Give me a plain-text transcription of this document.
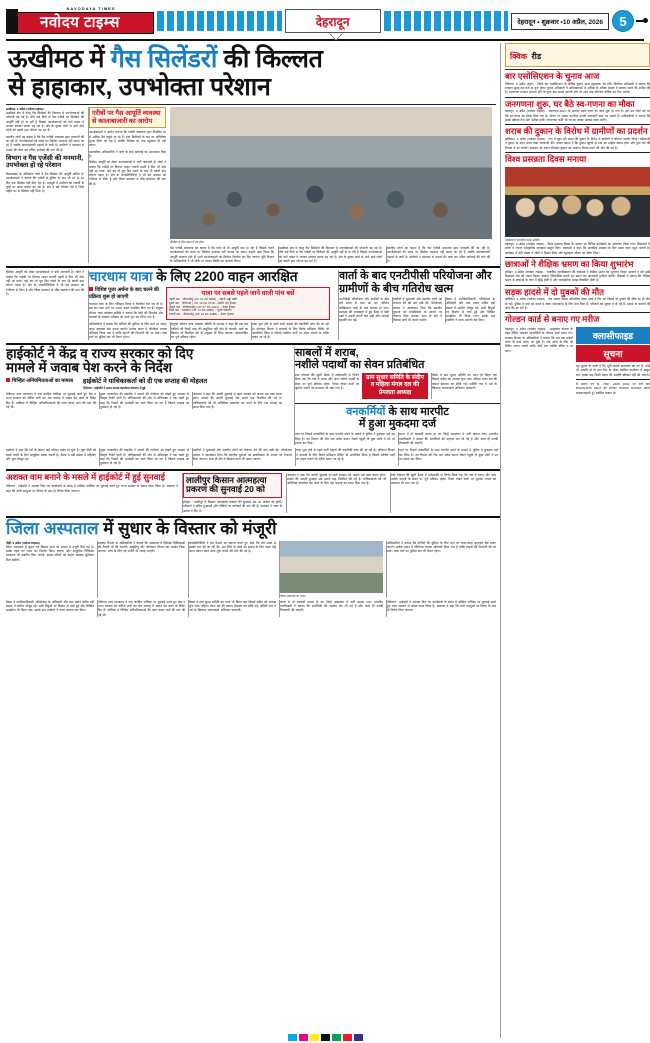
NAVODAYA TIMES
नवोदय टाइम्स	देहरादून	देहरादून • शुक्रवार •10 अप्रैल, 2026	5
ऊखीमठ में गैस सिलेंडरों की किल्लत
से हाहाकार, उपभोक्ता परेशान
ऊखीमठ, 9 अप्रैल (नवोदय टाइम्स)।
ऊखीमठ क्षेत्र में घरेलू गैस सिलेंडरों की किल्लत से उपभोक्ताओं की परेशानी बढ़ गई है। बीते कई दिनों से गैस एजेंसी पर सिलेंडरों की आपूर्ति नहीं हो पा रही है जिससे उपभोक्ताओं को घंटों लाइन में लगकर इंतजार करना पड़ रहा है। क्षेत्र के दूरस्थ गांवों से आने वाले लोगों को खाली हाथ लौटना पड़ रहा है।
स्थानीय लोगों का कहना है कि गैस एजेंसी संचालक द्वारा मनमानी की जा रही है। उपभोक्ताओं को समय पर सिलेंडर उपलब्ध नहीं कराए जा रहे हैं जबकि कालाबाजारी धड़ल्ले से जारी है। ग्रामीणों ने प्रशासन से मामले की जांच कर उचित कार्रवाई की मांग की है।
विभाग व गैस एजेंसी की मनमानी, उपभोक्ता हो रहे परेशान
विकासखंड के अधिकांश गांवों में गैस सिलेंडर की आपूर्ति बाधित है। उपभोक्ताओं ने बताया कि एजेंसी से बुकिंग के बाद भी 15 से 20 दिन तक सिलेंडर नहीं मिल रहा है। मजबूरी में ग्रामीणों को लकड़ी के चूल्हे पर खाना बनाना पड़ रहा है। क्षेत्र में कई परिवार ऐसे हैं जिन्हें महीने भर से सिलेंडर नहीं मिला है।
गरीबों पर गैस आपूर्ति व्यवस्था से कालाबाजारी का आरोप
उपभोक्ताओं ने आरोप लगाया कि एजेंसी संचालक द्वारा निर्धारित दर से अधिक पैसे वसूले जा रहे हैं। होम डिलीवरी के नाम पर अतिरिक्त शुल्क लिया जा रहा है जबकि सिलेंडर घर तक पहुंचाया ही नहीं जाता।
प्रशासनिक अधिकारियों ने जांच के बाद कार्रवाई का आश्वासन दिया है।
सिलेंडर आपूर्ति को लेकर उपभोक्ताओं में भारी नाराजगी है। लोगों ने बताया कि एजेंसी पर दिनभर लाइन लगानी पड़ती है फिर भी नंबर नहीं आ पाता। कई बार तो पूरा दिन गंवाने के बाद भी खाली हाथ लौटना पड़ता है। क्षेत्र के जनप्रतिनिधियों ने भी इस समस्या को गंभीरता से लिया है और जिला प्रशासन से शीघ्र समाधान की मांग की है।
सिलेंडर के लिए लाइन में लगे लोग।
गैस एजेंसी संचालक का कहना है कि प्लांट से ही आपूर्ति कम हो रही है जिसके चलते उपभोक्ताओं को समय पर सिलेंडर उपलब्ध नहीं कराया जा सका। उन्होंने दावा किया कि आपूर्ति सामान्य होते ही सभी उपभोक्ताओं को सिलेंडर वितरित कर दिए जाएंगे। पूर्ति विभाग के अधिकारियों ने भी मौके पर जाकर स्थिति का जायजा लिया।
ऊखीमठ क्षेत्र में घरेलू गैस सिलेंडरों की किल्लत से उपभोक्ताओं की परेशानी बढ़ गई है। बीते कई दिनों से गैस एजेंसी पर सिलेंडरों की आपूर्ति नहीं हो पा रही है जिससे उपभोक्ताओं को घंटों लाइन में लगकर इंतजार करना पड़ रहा है। क्षेत्र के दूरस्थ गांवों से आने वाले लोगों को खाली हाथ लौटना पड़ रहा है।
स्थानीय लोगों का कहना है कि गैस एजेंसी संचालक द्वारा मनमानी की जा रही है। उपभोक्ताओं को समय पर सिलेंडर उपलब्ध नहीं कराए जा रहे हैं जबकि कालाबाजारी धड़ल्ले से जारी है। ग्रामीणों ने प्रशासन से मामले की जांच कर उचित कार्रवाई की मांग की है।
सिलेंडर आपूर्ति को लेकर उपभोक्ताओं में भारी नाराजगी है। लोगों ने बताया कि एजेंसी पर दिनभर लाइन लगानी पड़ती है फिर भी नंबर नहीं आ पाता। कई बार तो पूरा दिन गंवाने के बाद भी खाली हाथ लौटना पड़ता है। क्षेत्र के जनप्रतिनिधियों ने भी इस समस्या को गंभीरता से लिया है और जिला प्रशासन से शीघ्र समाधान की मांग की है।
चारधाम यात्रा के लिए 2200 वाहन आरक्षित
विशिष्ट पूजा अर्चना के बाद चलने की प्रक्रिया शुरू हो जाएगी
चारधाम यात्रा के लिए परिवहन निगम ने तैयारियां तेज कर दी हैं। इस बार यात्रा मार्ग पर 2200 वाहन आरक्षित किए गए हैं। संयुक्त रोटेशन यात्रा व्यवस्था समिति ने बताया कि बसों की फिटनेस और चालकों के स्वास्थ्य परीक्षण का कार्य पूरा कर लिया गया है।
यात्रा पर सबसे पहले जाने वाली पांच बसें
पहली बस : जीएमओयू (UK 07 PA 8382) – खापी अड्डा खन्नी
दूसरी बस : जीएमओ ( UK 16 PA 0712) –स्वामी नंदा ट्रैवल्स
तीसरी बस : टीजीएमओयू (UK 07 PA 2213) – मैक्स ट्रैवल्स
चौथी बस : रुद्रप्रयाग (UK 13 PA 0880) – मुख्य संचालन
पांचवीं बस : जीएमओयू (UK 16 PA 4488) – केदार ट्रैवल्स
अधिकारियों ने बताया कि यात्रियों की सुविधा के लिए मार्ग पर जगह-जगह सहायता केंद्र बनाए जाएंगे। प्रत्येक वाहन में जीपीएस लगाना अनिवार्य किया गया है ताकि वाहनों की निगरानी की जा सके। यात्रा मार्ग पर पुलिस बल भी तैनात रहेगा।
संयुक्त रोटेशन यात्रा व्यवस्था समिति के अध्यक्ष ने कहा कि इस बार यात्रियों को किसी तरह की असुविधा नहीं होने दी जाएगी। बसों का किराया भी निर्धारित दरों के अनुसार ही लिया जाएगा। ओवरलोडिंग पर पूर्ण प्रतिबंध रहेगा।
यात्रा शुरू होने से पहले सभी वाहनों की तकनीकी जांच की जा रही है। परिवहन विभाग ने चालकों के लिए विशेष प्रशिक्षण शिविर भी आयोजित किया है जिसमें पर्वतीय मार्गों पर वाहन चलाने के तरीके बताए जा रहे हैं।
वार्ता के बाद एनटीपीसी परियोजना और ग्रामीणों के बीच गतिरोध खत्म
एनटीपीसी परियोजना और ग्रामीणों के बीच लंबे समय से चला आ रहा गतिरोध आखिरकार वार्ता के बाद समाप्त हो गया। प्रशासन की मध्यस्थता में हुई बैठक में दोनों पक्षों ने अपनी-अपनी बात रखी और आपसी सहमति बन गई।
ग्रामीणों ने मुआवजे और स्थानीय लोगों को रोजगार देने की मांग रखी थी। परियोजना प्रबंधन ने आश्वासन दिया कि स्थानीय युवाओं को प्राथमिकता के आधार पर रोजगार दिया जाएगा। साथ ही क्षेत्र में विकास कार्य भी कराए जाएंगे।
बैठक में उपजिलाधिकारी, परियोजना के अधिकारी और ग्राम प्रधान सहित बड़ी संख्या में ग्रामीण मौजूद रहे। सभी बिंदुओं पर विस्तार से चर्चा हुई और लिखित समझौता भी किया गया। इसके बाद ग्रामीणों ने धरना समाप्त कर दिया।
हाईकोर्ट ने केंद्र व राज्य सरकार को दिए
मामले में जवाब पेश करने के निर्देश
चिन्हित अनियमितताओं का मामला	हाईकोर्ट ने याचिकाकर्ता को दी एक सप्ताह की मोहलत
नैनीताल : हाईकोर्ट ने उठाए अन्यत्र कार्यालय संचालन में हुई
नैनीताल उच्च न्यायालय ने एक जनहित याचिका पर सुनवाई करते हुए केंद्र व राज्य सरकार को नोटिस जारी कर चार सप्ताह में जवाब पेश करने के निर्देश दिए हैं। याचिका में चिन्हित अनियमितताओं की जांच कराए जाने की मांग की गई थी।
मुख्य न्यायाधीश की खंडपीठ ने मामले की गंभीरता को देखते हुए सरकार से विस्तृत रिपोर्ट मांगी है। याचिकाकर्ता की ओर से अधिवक्ता ने पक्ष रखते हुए कहा कि नियमों की अनदेखी कर कार्य किया जा रहा है जिससे राजस्व का नुकसान हो रहा है।
अदालत ने कहा कि अगली सुनवाई से पहले सरकार को अपना पक्ष स्पष्ट करना होगा। मामले की अगली सुनवाई अब अगले माह निर्धारित की गई है। याचिकाकर्ता को भी अतिरिक्त दस्तावेज पेश करने के लिए एक सप्ताह का समय दिया गया है।
साबलों में शराब,
नशीले पदार्थों का सेवन प्रतिबंधित
ग्राम पंचायत की खुली बैठक में सर्वसम्मति से निर्णय लिया गया कि गांव में शराब और अन्य नशीले पदार्थों के सेवन पर पूर्ण प्रतिबंध रहेगा। नियम तोड़ने वालों पर जुर्माना लगाने का प्रावधान भी रखा गया है।
ग्राम सुधार समिति के संदीप व महिला मंगल दल की प्रेमलता अध्यक्ष
बैठक में ग्राम सुधार समिति का गठन भी किया गया जिसमें संदीप को अध्यक्ष चुना गया। महिला मंगल दल की कमान प्रेमलता को सौंपी गई। समिति गांव में नशे के खिलाफ जागरूकता अभियान चलाएगी।
वनकर्मियों के साथ मारपीट
में हुआ मुकदमा दर्ज
गश्त पर निकले वनकर्मियों के साथ मारपीट करने के मामले में पुलिस ने मुकदमा दर्ज कर लिया है। वन विभाग की टीम जब अवैध कटान रोकने पहुंची तो कुछ लोगों ने उन पर हमला कर दिया।
घटना में दो वनकर्मी घायल हो गए जिन्हें अस्पताल में भर्ती कराया गया। प्रभागीय वनाधिकारी ने बताया कि आरोपियों की पहचान कर ली गई है और जल्द ही उनकी गिरफ्तारी की जाएगी।
ग्रामीणों ने कहा कि नशे के कारण कई परिवार बर्बाद हो चुके हैं। युवा पीढ़ी को इससे बचाने के लिए सामूहिक प्रयास जरूरी है। बैठक में बड़ी संख्या में महिलाएं और युवा मौजूद रहे।
मुख्य न्यायाधीश की खंडपीठ ने मामले की गंभीरता को देखते हुए सरकार से विस्तृत रिपोर्ट मांगी है। याचिकाकर्ता की ओर से अधिवक्ता ने पक्ष रखते हुए कहा कि नियमों की अनदेखी कर कार्य किया जा रहा है जिससे राजस्व का नुकसान हो रहा है।
ग्रामीणों ने मुआवजे और स्थानीय लोगों को रोजगार देने की मांग रखी थी। परियोजना प्रबंधन ने आश्वासन दिया कि स्थानीय युवाओं को प्राथमिकता के आधार पर रोजगार दिया जाएगा। साथ ही क्षेत्र में विकास कार्य भी कराए जाएंगे।
यात्रा शुरू होने से पहले सभी वाहनों की तकनीकी जांच की जा रही है। परिवहन विभाग ने चालकों के लिए विशेष प्रशिक्षण शिविर भी आयोजित किया है जिसमें पर्वतीय मार्गों पर वाहन चलाने के तरीके बताए जा रहे हैं।
गश्त पर निकले वनकर्मियों के साथ मारपीट करने के मामले में पुलिस ने मुकदमा दर्ज कर लिया है। वन विभाग की टीम जब अवैध कटान रोकने पहुंची तो कुछ लोगों ने उन पर हमला कर दिया।
अशक्त वाम बनाने के मसले में हाईकोर्ट में हुई सुनवाई
नैनीताल : हाईकोर्ट ने अशक्त किए गए कार्यालयों के संबंध में दाखिल याचिका पर सुनवाई करते हुए राज्य सरकार से जवाब तलब किया है। अदालत ने कहा कि सभी पहलुओं पर विचार के बाद ही निर्णय लिया जाएगा।
लालीपुर किसान आत्महत्या
प्रकरण की सुनवाई 20 को
हरिद्वार : लालीपुर में किसान आत्महत्या प्रकरण की सुनवाई अब 20 तारीख को होगी। परिजनों ने उचित मुआवजे और दोषियों पर कार्रवाई की मांग की है। प्रशासन ने जांच के आदेश दे दिए हैं।
अदालत ने कहा कि अगली सुनवाई से पहले सरकार को अपना पक्ष स्पष्ट करना होगा। मामले की अगली सुनवाई अब अगले माह निर्धारित की गई है। याचिकाकर्ता को भी अतिरिक्त दस्तावेज पेश करने के लिए एक सप्ताह का समय दिया गया है।
ग्राम पंचायत की खुली बैठक में सर्वसम्मति से निर्णय लिया गया कि गांव में शराब और अन्य नशीले पदार्थों के सेवन पर पूर्ण प्रतिबंध रहेगा। नियम तोड़ने वालों पर जुर्माना लगाने का प्रावधान भी रखा गया है।
जिला अस्पताल में सुधार के विस्तार को मंजूरी
पौड़ी, 9 अप्रैल (नवोदय टाइम्स)।
जिला अस्पताल में सुधार एवं विस्तार कार्य को शासन से मंजूरी मिल गई है। इसके तहत नए भवन का निर्माण किया जाएगा और आधुनिक चिकित्सा उपकरण भी स्थापित किए जाएंगे। इससे मरीजों को बेहतर स्वास्थ्य सुविधाएं मिल सकेंगी।
स्वास्थ्य विभाग के अधिकारियों ने बताया कि अस्पताल में विशेषज्ञ चिकित्सकों की तैनाती भी की जाएगी। आईसीयू और ऑपरेशन थिएटर को अपग्रेड किया जाएगा। जांच के लिए नई मशीनें भी लगाई जाएंगी।
जनप्रतिनिधियों ने इस फैसले का स्वागत करते हुए कहा कि लंबे समय से इसकी मांग की जा रही थी। अब जिले के लोगों को इलाज के लिए बाहर नहीं जाना पड़ेगा। कार्य जल्द शुरू कराने की मांग की गई है।
जिला अस्पताल का भवन।
अधिकारियों ने बताया कि यात्रियों की सुविधा के लिए मार्ग पर जगह-जगह सहायता केंद्र बनाए जाएंगे। प्रत्येक वाहन में जीपीएस लगाना अनिवार्य किया गया है ताकि वाहनों की निगरानी की जा सके। यात्रा मार्ग पर पुलिस बल भी तैनात रहेगा।
बैठक में उपजिलाधिकारी, परियोजना के अधिकारी और ग्राम प्रधान सहित बड़ी संख्या में ग्रामीण मौजूद रहे। सभी बिंदुओं पर विस्तार से चर्चा हुई और लिखित समझौता भी किया गया। इसके बाद ग्रामीणों ने धरना समाप्त कर दिया।
नैनीताल उच्च न्यायालय ने एक जनहित याचिका पर सुनवाई करते हुए केंद्र व राज्य सरकार को नोटिस जारी कर चार सप्ताह में जवाब पेश करने के निर्देश दिए हैं। याचिका में चिन्हित अनियमितताओं की जांच कराए जाने की मांग की गई थी।
बैठक में ग्राम सुधार समिति का गठन भी किया गया जिसमें संदीप को अध्यक्ष चुना गया। महिला मंगल दल की कमान प्रेमलता को सौंपी गई। समिति गांव में नशे के खिलाफ जागरूकता अभियान चलाएगी।
घटना में दो वनकर्मी घायल हो गए जिन्हें अस्पताल में भर्ती कराया गया। प्रभागीय वनाधिकारी ने बताया कि आरोपियों की पहचान कर ली गई है और जल्द ही उनकी गिरफ्तारी की जाएगी।
नैनीताल : हाईकोर्ट ने अशक्त किए गए कार्यालयों के संबंध में दाखिल याचिका पर सुनवाई करते हुए राज्य सरकार से जवाब तलब किया है। अदालत ने कहा कि सभी पहलुओं पर विचार के बाद ही निर्णय लिया जाएगा।
क्विक रीड
बार एसोसिएशन के चुनाव आज
नैनीताल, 9 अप्रैल (ब्यूरो) : जिला बार एसोसिएशन के वार्षिक चुनाव आज (शुक्रवार) को होंगे। निर्वाचन अधिकारी ने बताया कि मतदान सुबह दस बजे से शुरू होगा। चुनाव अधिकारी ने अधिवक्ताओं से अधिक से अधिक संख्या में मतदान करने की अपील की है। मतगणना मतदान समाप्त होने के तुरंत बाद कराई जाएगी और देर शाम तक परिणाम घोषित कर दिए जाएंगे।
जनगणना शुरू, घर बैठे स्व-गणना का मौका
देहरादून, 9 अप्रैल (नवोदय टाइम्स) : जनगणना-2027 के अंतर्गत पहले चरण का कार्य शुरू हो गया है। इस बार लोगों को घर बैठे स्व-गणना का मौका दिया गया है। पोर्टल पर जाकर नागरिक अपनी जानकारी स्वयं भर सकते हैं। अधिकारियों ने बताया कि इससे प्रक्रिया तेज और सटीक होगी। जनगणना कर्मी भी घर-घर जाकर आंकड़े एकत्र करेंगे।
शराब की दुकान के विरोध में ग्रामीणों का प्रदर्शन
ऋषिकेश, 9 अप्रैल (नवोदय टाइम्स) : गांव में खुल रही शराब की दुकान के विरोध में ग्रामीणों ने जोरदार प्रदर्शन किया। महिलाओं ने दुकान के बाहर धरना देकर नारेबाजी की। उनका कहना है कि दुकान खुलने से गांव का माहौल खराब होगा और युवा नशे की गिरफ्त में आ जाएंगे। प्रशासन को ज्ञापन सौंपकर दुकान का आवंटन निरस्त करने की मांग की गई है।
विश्व प्रसन्नता दिवस मनाया
कार्यक्रम में सम्मानित करते अतिथि।
देहरादून, 9 अप्रैल (नवोदय टाइम्स) : विश्व प्रसन्नता दिवस के अवसर पर विभिन्न कार्यक्रमों का आयोजन किया गया। विद्यालयों में बच्चों ने रंगारंग सांस्कृतिक कार्यक्रम प्रस्तुत किए। वक्ताओं ने कहा कि मानसिक स्वास्थ्य के लिए प्रसन्न रहना बहुत जरूरी है। कार्यक्रम में बड़ी संख्या में लोगों ने हिस्सा लिया और खुशहाल जीवन का संदेश दिया।
छात्राओं ने शैक्षिक भ्रमण का किया शुभारंभ
हरिद्वार, 9 अप्रैल (नवोदय टाइम्स) : राजकीय महाविद्यालय की छात्राओं ने शैक्षिक भ्रमण का शुभारंभ किया। प्राचार्य ने हरी झंडी दिखाकर बस को रवाना किया। छात्राएं ऐतिहासिक स्थलों का भ्रमण कर जानकारी हासिल करेंगी। शिक्षकों ने बताया कि शैक्षिक भ्रमण से छात्राओं के ज्ञान में वृद्धि होती है और व्यावहारिक समझ विकसित होती है।
सड़क हादसे में दो युवकों की मौत
ऋषिकेश, 9 अप्रैल (नवोदय टाइम्स) : तेज रफ्तार बाइक अनियंत्रित होकर खाई में गिर गई जिससे दो युवकों की मौके पर ही मौत हो गई। पुलिस ने शवों को कब्जे में लेकर पोस्टमार्टम के लिए भेज दिया है। परिजनों को सूचना दे दी गई है। हादसे के कारणों की जांच की जा रही है।
गोल्डन कार्ड से बनाए गए मरीज
देहरादून, 9 अप्रैल (नवोदय टाइम्स) : आयुष्मान योजना के तहत शिविर लगाकर लाभार्थियों के गोल्डन कार्ड बनाए गए। स्वास्थ्य विभाग के अधिकारियों ने बताया कि अब तक हजारों लोगों के कार्ड बनाए जा चुके हैं। शेष लोगों के लिए भी शिविर लगाए जाएंगे ताकि कोई पात्र व्यक्ति वंचित न रह जाए।
क्लासीफाइड
सूचना
यह सूचना दी जाती है कि भूमि संबंधी कागजात खो गए हैं। कोई भी आपत्ति हो तो सात दिन के भीतर संबंधित कार्यालय में प्रस्तुत करें। इसके बाद किसी प्रकार की आपत्ति स्वीकार नहीं की जाएगी।
मैं प्रमाण पत्र सं. 7867 2488 9462 पर दर्ज नाम BURANSHI DEVI को हटाकर RUKMI RAWAT करना चाहता/चाहती हूं। संबंधित संज्ञान लें।
